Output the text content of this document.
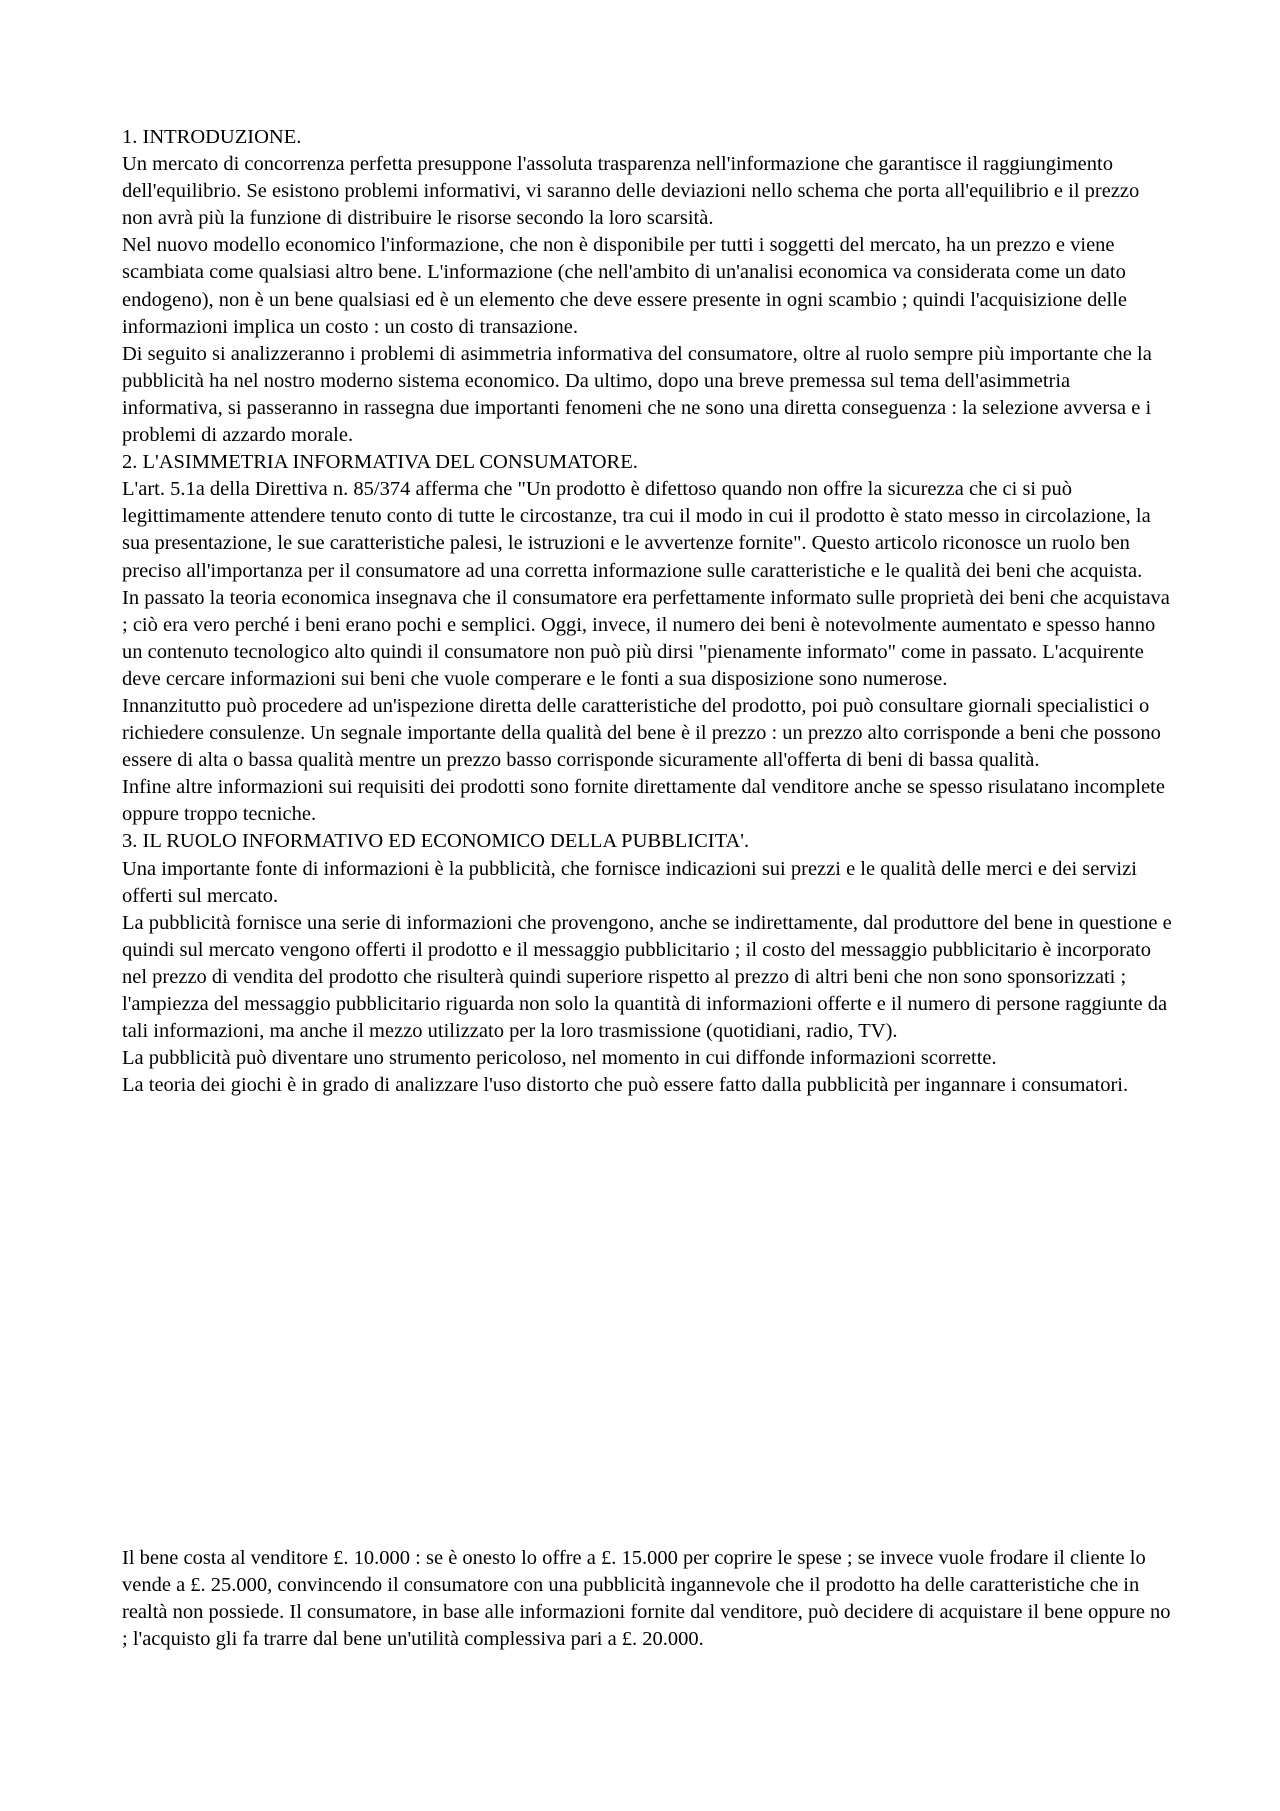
1. INTRODUZIONE.

Un mercato di concorrenza perfetta presuppone l'assoluta trasparenza nell'informazione che garantisce il raggiungimento dell'equilibrio. Se esistono problemi informativi, vi saranno delle deviazioni nello schema che porta all'equilibrio e il prezzo non avrà più la funzione di distribuire le risorse secondo la loro scarsità.

Nel nuovo modello economico l'informazione, che non è disponibile per tutti i soggetti del mercato, ha un prezzo e viene scambiata come qualsiasi altro bene. L'informazione (che nell'ambito di un'analisi economica va considerata come un dato endogeno), non è un bene qualsiasi ed è un elemento che deve essere presente in ogni scambio ; quindi l'acquisizione delle informazioni implica un costo : un costo di transazione.

Di seguito si analizzeranno i problemi di asimmetria informativa del consumatore, oltre al ruolo sempre più importante che la pubblicità ha nel nostro moderno sistema economico. Da ultimo, dopo una breve premessa sul tema dell'asimmetria informativa, si passeranno in rassegna due importanti fenomeni che ne sono una diretta conseguenza : la selezione avversa e i problemi di azzardo morale.

2. L'ASIMMETRIA INFORMATIVA DEL CONSUMATORE.

L'art. 5.1a della Direttiva n. 85/374 afferma che "Un prodotto è difettoso quando non offre la sicurezza che ci si può legittimamente attendere tenuto conto di tutte le circostanze, tra cui il modo in cui il prodotto è stato messo in circolazione, la sua presentazione, le sue caratteristiche palesi, le istruzioni e le avvertenze fornite". Questo articolo riconosce un ruolo ben preciso all'importanza per il consumatore ad una corretta informazione sulle caratteristiche e le qualità dei beni che acquista.

In passato la teoria economica insegnava che il consumatore era perfettamente informato sulle proprietà dei beni che acquistava ; ciò era vero perché i beni erano pochi e semplici. Oggi, invece, il numero dei beni è notevolmente aumentato e spesso hanno un contenuto tecnologico alto quindi il consumatore non può più dirsi "pienamente informato" come in passato. L'acquirente deve cercare informazioni sui beni che vuole comperare e le fonti a sua disposizione sono numerose.

Innanzitutto può procedere ad un'ispezione diretta delle caratteristiche del prodotto, poi può consultare giornali specialistici o richiedere consulenze. Un segnale importante della qualità del bene è il prezzo : un prezzo alto corrisponde a beni che possono essere di alta o bassa qualità mentre un prezzo basso corrisponde sicuramente all'offerta di beni di bassa qualità.

Infine altre informazioni sui requisiti dei prodotti sono fornite direttamente dal venditore anche se spesso risulatano incomplete oppure troppo tecniche.

3. IL RUOLO INFORMATIVO ED ECONOMICO DELLA PUBBLICITA'.

Una importante fonte di informazioni è la pubblicità, che fornisce indicazioni sui prezzi e le qualità delle merci e dei servizi offerti sul mercato.

La pubblicità fornisce una serie di informazioni che provengono, anche se indirettamente, dal produttore del bene in questione e quindi sul mercato vengono offerti il prodotto e il messaggio pubblicitario ; il costo del messaggio pubblicitario è incorporato nel prezzo di vendita del prodotto che risulterà quindi superiore rispetto al prezzo di altri beni che non sono sponsorizzati ; l'ampiezza del messaggio pubblicitario riguarda non solo la quantità di informazioni offerte e il numero di persone raggiunte da tali informazioni, ma anche il mezzo utilizzato per la loro trasmissione (quotidiani, radio, TV).

La pubblicità può diventare uno strumento pericoloso, nel momento in cui diffonde informazioni scorrette.

La teoria dei giochi è in grado di analizzare l'uso distorto che può essere fatto dalla pubblicità per ingannare i consumatori.

Il bene costa al venditore £. 10.000 : se è onesto lo offre a £. 15.000 per coprire le spese ; se invece vuole frodare il cliente lo vende a £. 25.000, convincendo il consumatore con una pubblicità ingannevole che il prodotto ha delle caratteristiche che in realtà non possiede. Il consumatore, in base alle informazioni fornite dal venditore, può decidere di acquistare il bene oppure no ; l'acquisto gli fa trarre dal bene un'utilità complessiva pari a £. 20.000.
